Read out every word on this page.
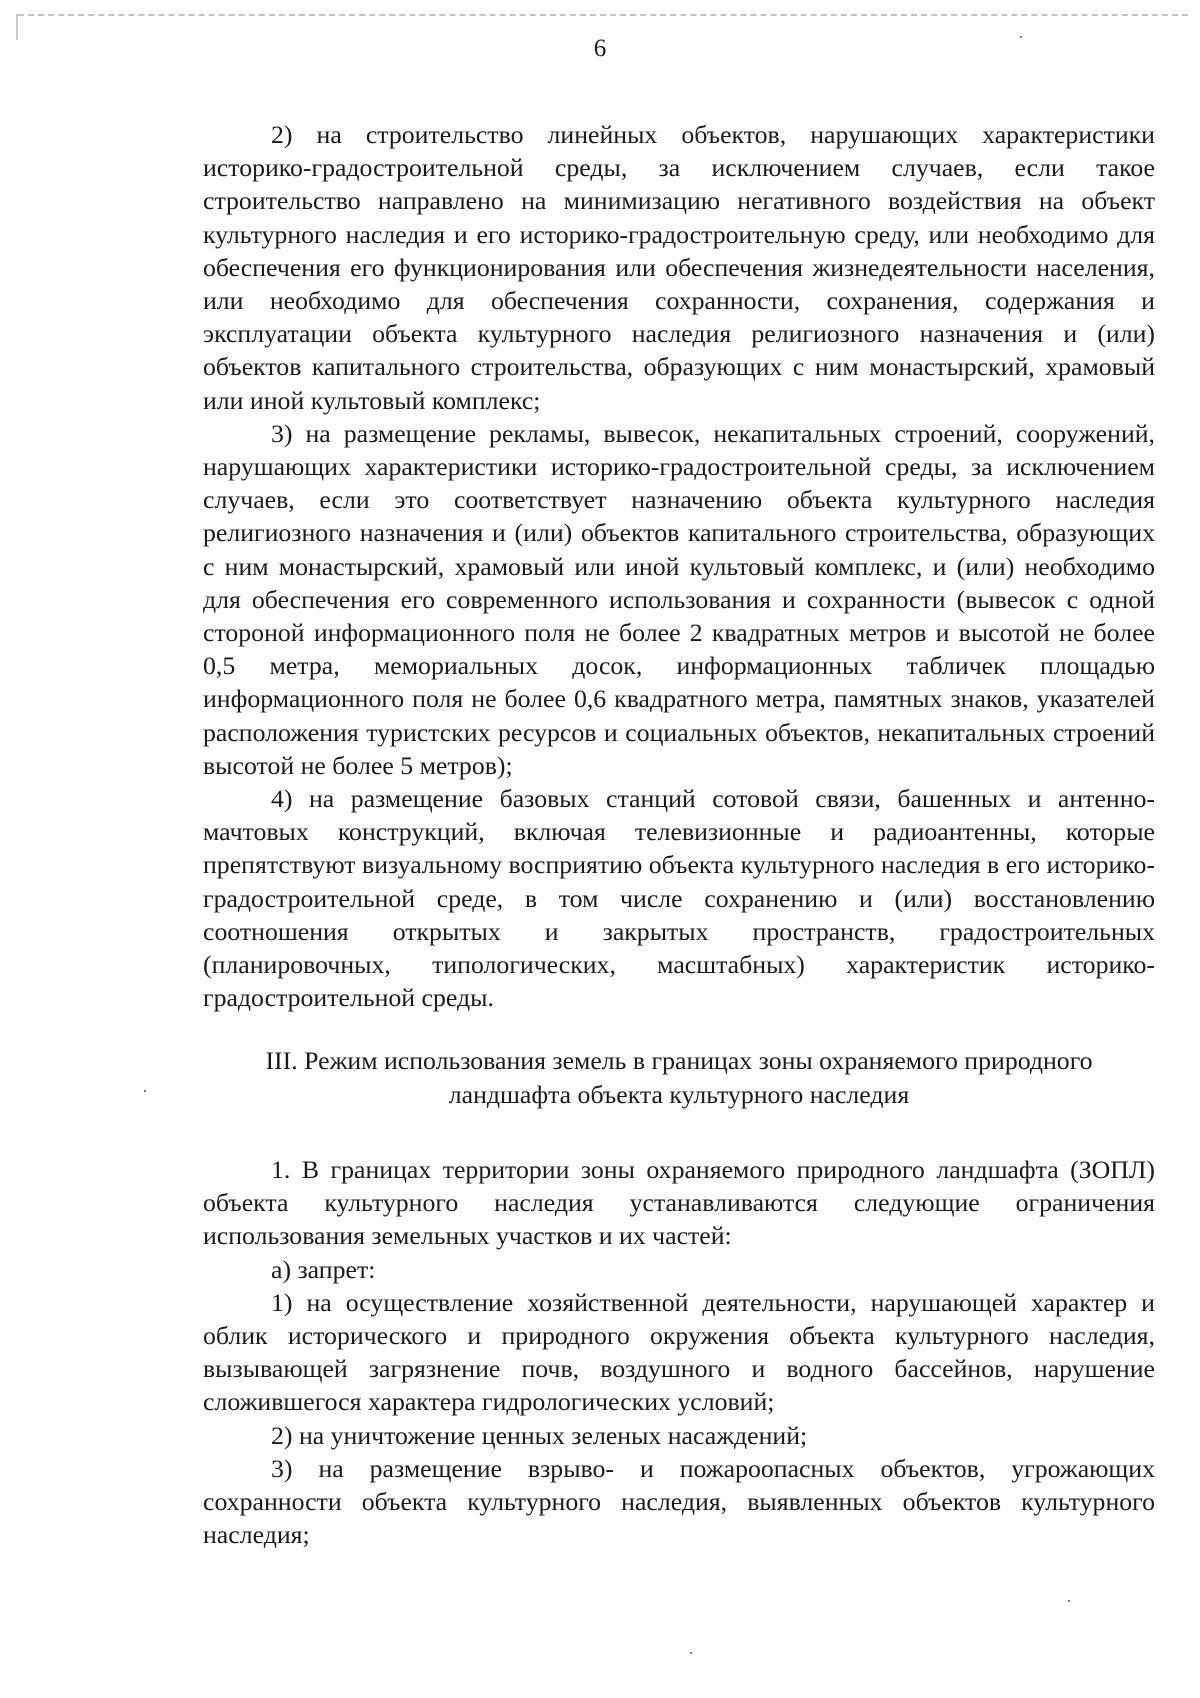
6

2) на строительство линейных объектов, нарушающих характеристики историко-градостроительной среды, за исключением случаев, если такое строительство направлено на минимизацию негативного воздействия на объект культурного наследия и его историко-градостроительную среду, или необходимо для обеспечения его функционирования или обеспечения жизнедеятельности населения, или необходимо для обеспечения сохранности, сохранения, содержания и эксплуатации объекта культурного наследия религиозного назначения и (или) объектов капитального строительства, образующих с ним монастырский, храмовый или иной культовый комплекс;

3) на размещение рекламы, вывесок, некапитальных строений, сооружений, нарушающих характеристики историко-градостроительной среды, за исключением случаев, если это соответствует назначению объекта культурного наследия религиозного назначения и (или) объектов капитального строительства, образующих с ним монастырский, храмовый или иной культовый комплекс, и (или) необходимо для обеспечения его современного использования и сохранности (вывесок с одной стороной информационного поля не более 2 квадратных метров и высотой не более 0,5 метра, мемориальных досок, информационных табличек площадью информационного поля не более 0,6 квадратного метра, памятных знаков, указателей расположения туристских ресурсов и социальных объектов, некапитальных строений высотой не более 5 метров);

4) на размещение базовых станций сотовой связи, башенных и антенно-мачтовых конструкций, включая телевизионные и радиоантенны, которые препятствуют визуальному восприятию объекта культурного наследия в его историко-градостроительной среде, в том числе сохранению и (или) восстановлению соотношения открытых и закрытых пространств, градостроительных (планировочных, типологических, масштабных) характеристик историко-градостроительной среды.

III. Режим использования земель в границах зоны охраняемого природного ландшафта объекта культурного наследия

1. В границах территории зоны охраняемого природного ландшафта (ЗОПЛ) объекта культурного наследия устанавливаются следующие ограничения использования земельных участков и их частей:

а) запрет:

1) на осуществление хозяйственной деятельности, нарушающей характер и облик исторического и природного окружения объекта культурного наследия, вызывающей загрязнение почв, воздушного и водного бассейнов, нарушение сложившегося характера гидрологических условий;

2) на уничтожение ценных зеленых насаждений;

3) на размещение взрыво- и пожароопасных объектов, угрожающих сохранности объекта культурного наследия, выявленных объектов культурного наследия;
